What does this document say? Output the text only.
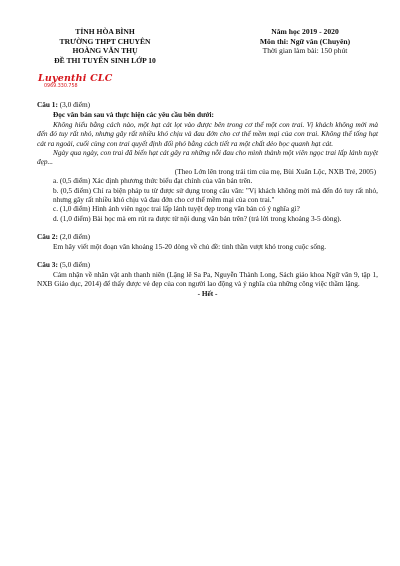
TỈNH HÒA BÌNH
TRƯỜNG THPT CHUYÊN
HOÀNG VĂN THỤ
ĐỀ THI TUYỂN SINH LỚP 10
Năm học 2019 - 2020
Môn thi: Ngữ văn (Chuyên)
Thời gian làm bài: 150 phút
Luyenthi CLC
0969.330.758
Câu 1: (3,0 điểm)
Đọc văn bản sau và thực hiện các yêu cầu bên dưới:

Không hiểu bằng cách nào, một hạt cát lọt vào được bên trong cơ thể một con trai. Vị khách không mời mà đến đó tuy rất nhỏ, nhưng gây rất nhiều khó chịu và đau đớn cho cơ thể mềm mại của con trai. Không thể tống hạt cát ra ngoài, cuối cùng con trai quyết định đối phó bằng cách tiết ra một chất dẻo bọc quanh hạt cát.

Ngày qua ngày, con trai đã biến hạt cát gây ra những nỗi đau cho mình thành một viên ngọc trai lấp lánh tuyệt đẹp...

(Theo Lớn lên trong trải tim của mẹ, Bùi Xuân Lộc, NXB Trẻ, 2005)
a. (0,5 điểm) Xác định phương thức biểu đạt chính của văn bản trên.
b. (0,5 điểm) Chỉ ra biện pháp tu từ được sử dụng trong câu văn: "Vị khách không mời mà đến đó tuy rất nhỏ, nhưng gây rất nhiều khó chịu và đau đớn cho cơ thể mềm mại của con trai."
c. (1,0 điểm) Hình ảnh viên ngọc trai lấp lánh tuyệt đẹp trong văn bản có ý nghĩa gì?
d. (1,0 điểm) Bài học mà em rút ra được từ nội dung văn bản trên? (trả lời trong khoảng 3-5 dòng).
Câu 2: (2,0 điểm)
Em hãy viết một đoạn văn khoảng 15-20 dòng về chủ đề: tinh thần vượt khó trong cuộc sống.
Câu 3: (5,0 điểm)
Cảm nhận về nhân vật anh thanh niên (Lặng lẽ Sa Pa, Nguyễn Thành Long, Sách giáo khoa Ngữ văn 9, tập 1, NXB Giáo dục, 2014) để thấy được vẻ đẹp của con người lao động và ý nghĩa của những công việc thầm lặng.
- Hết -
